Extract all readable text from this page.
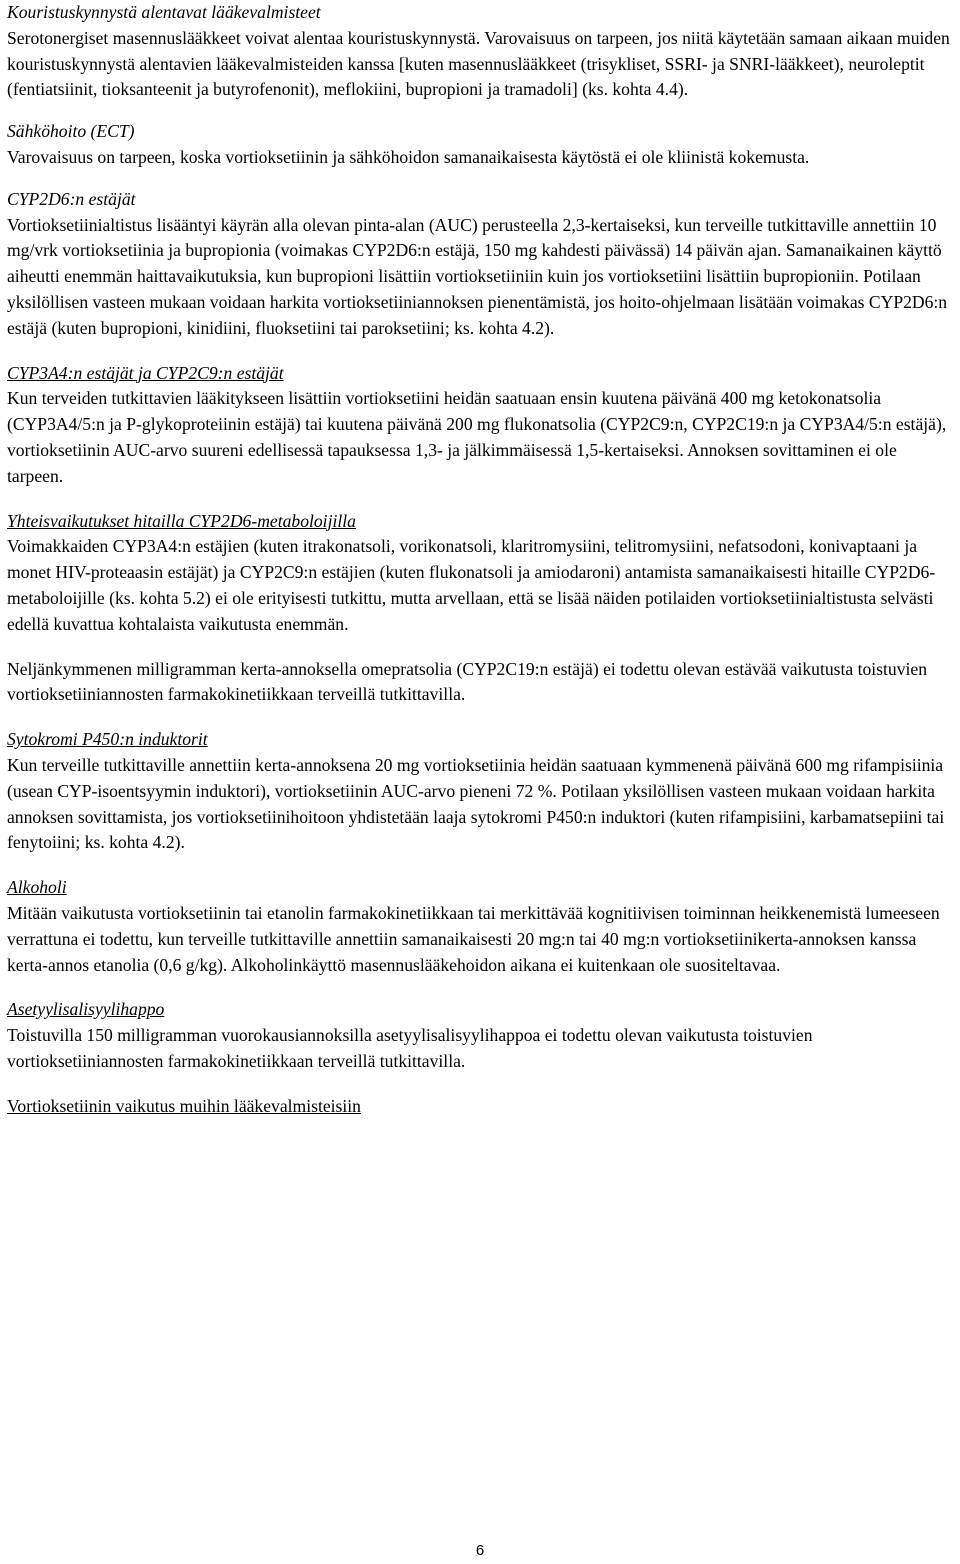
Kouristuskynnystä alentavat lääkevalmisteet

Serotonergiset masennuslääkkeet voivat alentaa kouristuskynnystä. Varovaisuus on tarpeen, jos niitä käytetään samaan aikaan muiden kouristuskynnystä alentavien lääkevalmisteiden kanssa [kuten masennuslääkkeet (trisykliset, SSRI- ja SNRI-lääkkeet), neuroleptit (fentiatsiinit, tioksanteenit ja butyrofenonit), meflokiini, bupropioni ja tramadoli] (ks. kohta 4.4).

Sähköhoito (ECT)

Varovaisuus on tarpeen, koska vortioksetiinin ja sähköhoidon samanaikaisesta käytöstä ei ole kliinistä kokemusta.

CYP2D6:n estäjät

Vortioksetiinialtistus lisääntyi käyrän alla olevan pinta-alan (AUC) perusteella 2,3-kertaiseksi, kun terveille tutkittaville annettiin 10 mg/vrk vortioksetiinia ja bupropionia (voimakas CYP2D6:n estäjä, 150 mg kahdesti päivässä) 14 päivän ajan. Samanaikainen käyttö aiheutti enemmän haittavaikutuksia, kun bupropioni lisättiin vortioksetiiniin kuin jos vortioksetiini lisättiin bupropioniin. Potilaan yksilöllisen vasteen mukaan voidaan harkita vortioksetiiniannoksen pienentämistä, jos hoito-ohjelmaan lisätään voimakas CYP2D6:n estäjä (kuten bupropioni, kinidiini, fluoksetiini tai paroksetiini; ks. kohta 4.2).

CYP3A4:n estäjät ja CYP2C9:n estäjät

Kun terveiden tutkittavien lääkitykseen lisättiin vortioksetiini heidän saatuaan ensin kuutena päivänä 400 mg ketokonatsolia (CYP3A4/5:n ja P-glykoproteiinin estäjä) tai kuutena päivänä 200 mg flukonatsolia (CYP2C9:n, CYP2C19:n ja CYP3A4/5:n estäjä), vortioksetiinin AUC-arvo suureni edellisessä tapauksessa 1,3- ja jälkimmäisessä 1,5-kertaiseksi. Annoksen sovittaminen ei ole tarpeen.

Yhteisvaikutukset hitailla CYP2D6-metaboloijilla

Voimakkaiden CYP3A4:n estäjien (kuten itrakonatsoli, vorikonatsoli, klaritromysiini, telitromysiini, nefatsodoni, konivaptaani ja monet HIV-proteaasin estäjät) ja CYP2C9:n estäjien (kuten flukonatsoli ja amiodaroni) antamista samanaikaisesti hitaille CYP2D6-metaboloijille (ks. kohta 5.2) ei ole erityisesti tutkittu, mutta arvellaan, että se lisää näiden potilaiden vortioksetiinialtistusta selvästi edellä kuvattua kohtalaista vaikutusta enemmän.

Neljänkymmenen milligramman kerta-annoksella omepratsolia (CYP2C19:n estäjä) ei todettu olevan estävää vaikutusta toistuvien vortioksetiiniannosten farmakokinetiikkaan terveillä tutkittavilla.

Sytokromi P450:n induktorit

Kun terveille tutkittaville annettiin kerta-annoksena 20 mg vortioksetiinia heidän saatuaan kymmenenä päivänä 600 mg rifampisiinia (usean CYP-isoentsyymin induktori), vortioksetiinin AUC-arvo pieneni 72 %. Potilaan yksilöllisen vasteen mukaan voidaan harkita annoksen sovittamista, jos vortioksetiinihoitoon yhdistetään laaja sytokromi P450:n induktori (kuten rifampisiini, karbamatsepiini tai fenytoiini; ks. kohta 4.2).

Alkoholi

Mitään vaikutusta vortioksetiinin tai etanolin farmakokinetiikkaan tai merkittävää kognitiivisen toiminnan heikkenemistä lumeeseen verrattuna ei todettu, kun terveille tutkittaville annettiin samanaikaisesti 20 mg:n tai 40 mg:n vortioksetiinikerta-annoksen kanssa kerta-annos etanolia (0,6 g/kg). Alkoholinkäyttö masennuslääkehoidon aikana ei kuitenkaan ole suositeltavaa.

Asetyylisalisyylihappo

Toistuvilla 150 milligramman vuorokausiannoksilla asetyylisalisyylihappoa ei todettu olevan vaikutusta toistuvien vortioksetiiniannosten farmakokinetiikkaan terveillä tutkittavilla.

Vortioksetiinin vaikutus muihin lääkevalmisteisiin

6
